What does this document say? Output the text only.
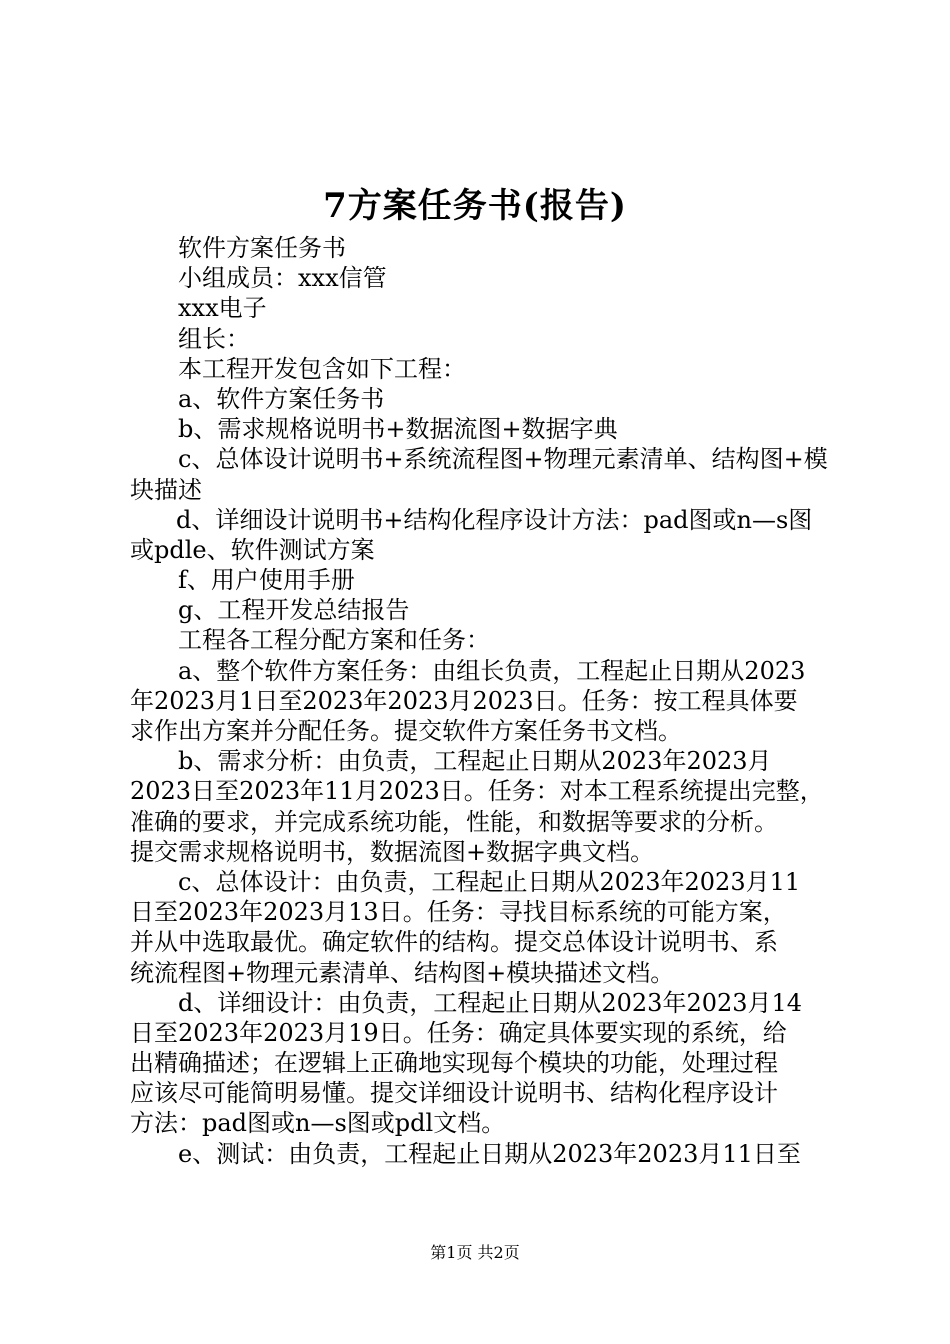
7方案任务书(报告)
软件方案任务书
小组成员：xxx信管
xxx电子
组长：
本工程开发包含如下工程：
a、软件方案任务书
b、需求规格说明书+数据流图+数据字典
c、总体设计说明书+系统流程图+物理元素清单、结构图+模
块描述
d、详细设计说明书+结构化程序设计方法：pad图或n—s图
或pdle、软件测试方案
f、用户使用手册
g、工程开发总结报告
工程各工程分配方案和任务：
a、整个软件方案任务：由组长负责，工程起止日期从2023
年2023月1日至2023年2023月2023日。任务：按工程具体要
求作出方案并分配任务。提交软件方案任务书文档。
b、需求分析：由负责，工程起止日期从2023年2023月
2023日至2023年11月2023日。任务：对本工程系统提出完整，
准确的要求，并完成系统功能，性能，和数据等要求的分析。
提交需求规格说明书，数据流图+数据字典文档。
c、总体设计：由负责，工程起止日期从2023年2023月11
日至2023年2023月13日。任务：寻找目标系统的可能方案，
并从中选取最优。确定软件的结构。提交总体设计说明书、系
统流程图+物理元素清单、结构图+模块描述文档。
d、详细设计：由负责，工程起止日期从2023年2023月14
日至2023年2023月19日。任务：确定具体要实现的系统，给
出精确描述；在逻辑上正确地实现每个模块的功能，处理过程
应该尽可能简明易懂。提交详细设计说明书、结构化程序设计
方法：pad图或n—s图或pdl文档。
e、测试：由负责，工程起止日期从2023年2023月11日至
第1页 共2页
